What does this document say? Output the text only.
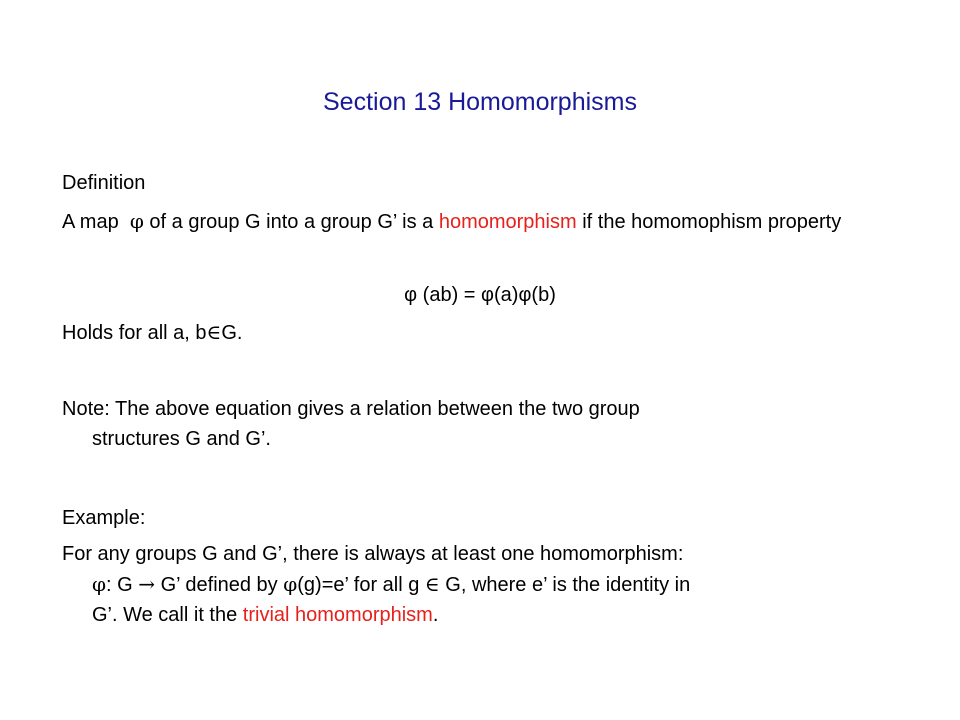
Section 13 Homomorphisms
Definition
A map  φ of a group G into a group G’ is a homomorphism if the homomophism property
φ (ab) = φ(a)φ(b)
Holds for all a, b∈G.
Note: The above equation gives a relation between the two group
structures G and G’.
Example:
For any groups G and G’, there is always at least one homomorphism:
φ: G → G’ defined by φ(g)=e’ for all g ∈ G, where e’ is the identity in
G’. We call it the trivial homomorphism.
